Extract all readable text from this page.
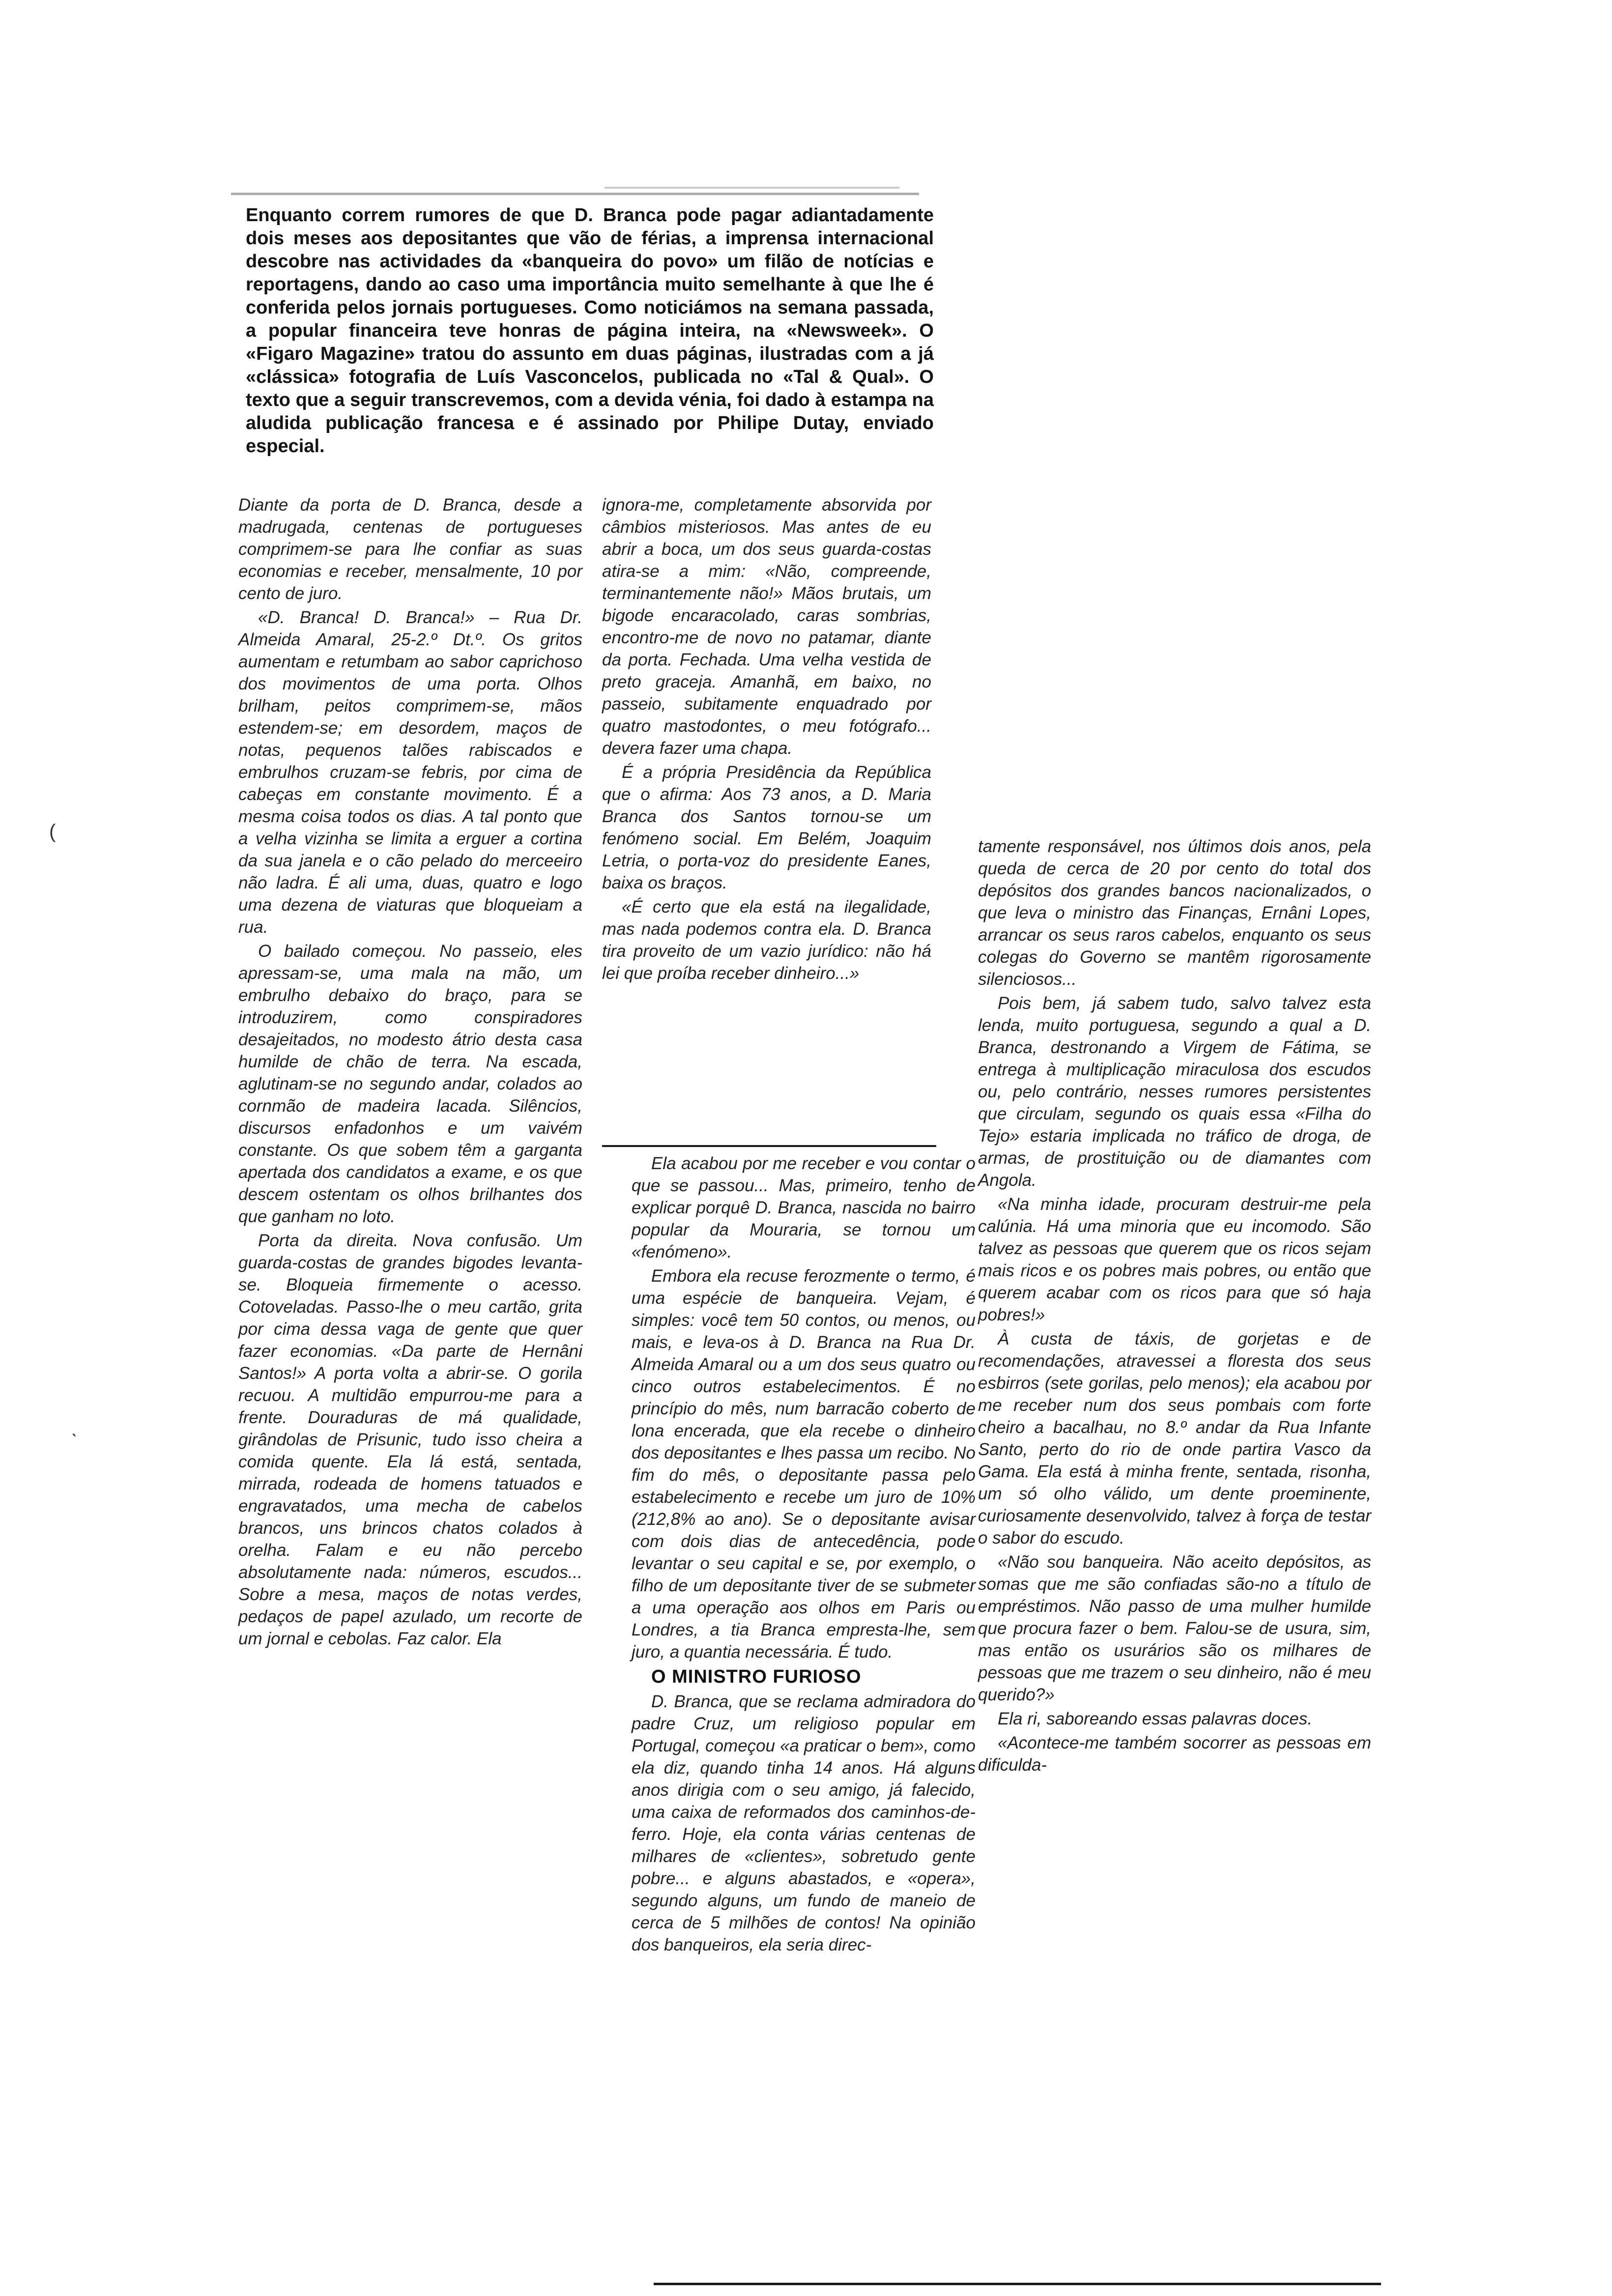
(
ˎ

Enquanto correm rumores de que D. Branca pode pagar adiantadamente dois meses aos depositantes que vão de férias, a imprensa internacional descobre nas actividades da «banqueira do povo» um filão de notícias e reportagens, dando ao caso uma importância muito semelhante à que lhe é conferida pelos jornais portugueses. Como noticiámos na semana passada, a popular financeira teve honras de página inteira, na «Newsweek». O «Figaro Magazine» tratou do assunto em duas páginas, ilustradas com a já «clássica» fotografia de Luís Vasconcelos, publicada no «Tal & Qual». O texto que a seguir transcrevemos, com a devida vénia, foi dado à estampa na aludida publicação francesa e é assinado por Philipe Dutay, enviado especial.

Diante da porta de D. Branca, desde a madrugada, centenas de portugueses comprimem-se para lhe confiar as suas economias e receber, mensalmente, 10 por cento de juro.

«D. Branca! D. Branca!» – Rua Dr. Almeida Amaral, 25-2.º Dt.º. Os gritos aumentam e retumbam ao sabor caprichoso dos movimentos de uma porta. Olhos brilham, peitos comprimem-se, mãos estendem-se; em desordem, maços de notas, pequenos talões rabiscados e embrulhos cruzam-se febris, por cima de cabeças em constante movimento. É a mesma coisa todos os dias. A tal ponto que a velha vizinha se limita a erguer a cortina da sua janela e o cão pelado do merceeiro não ladra. É ali uma, duas, quatro e logo uma dezena de viaturas que bloqueiam a rua.

O bailado começou. No passeio, eles apressam-se, uma mala na mão, um embrulho debaixo do braço, para se introduzirem, como conspiradores desajeitados, no modesto átrio desta casa humilde de chão de terra. Na escada, aglutinam-se no segundo andar, colados ao cornmão de madeira lacada. Silêncios, discursos enfadonhos e um vaivém constante. Os que sobem têm a garganta apertada dos candidatos a exame, e os que descem ostentam os olhos brilhantes dos que ganham no loto.

Porta da direita. Nova confusão. Um guarda-costas de grandes bigodes levanta-se. Bloqueia firmemente o acesso. Cotoveladas. Passo-lhe o meu cartão, grita por cima dessa vaga de gente que quer fazer economias. «Da parte de Hernâni Santos!» A porta volta a abrir-se. O gorila recuou. A multidão empurrou-me para a frente. Douraduras de má qualidade, girândolas de Prisunic, tudo isso cheira a comida quente. Ela lá está, sentada, mirrada, rodeada de homens tatuados e engravatados, uma mecha de cabelos brancos, uns brincos chatos colados à orelha. Falam e eu não percebo absolutamente nada: números, escudos... Sobre a mesa, maços de notas verdes, pedaços de papel azulado, um recorte de um jornal e cebolas. Faz calor. Ela

ignora-me, completamente absorvida por câmbios misteriosos. Mas antes de eu abrir a boca, um dos seus guarda-costas atira-se a mim: «Não, compreende, terminantemente não!» Mãos brutais, um bigode encaracolado, caras sombrias, encontro-me de novo no patamar, diante da porta. Fechada. Uma velha vestida de preto gracejа. Amanhã, em baixo, no passeio, subitamente enquadrado por quatro mastodontes, o meu fotógrafo... devera fazer uma chapa.

É a própria Presidência da República que o afirma: Aos 73 anos, a D. Maria Branca dos Santos tornou-se um fenómeno social. Em Belém, Joaquim Letria, o porta-voz do presidente Eanes, baixa os braços.

«É certo que ela está na ilegalidade, mas nada podemos contra ela. D. Branca tira proveito de um vazio jurídico: não há lei que proíba receber dinheiro...»

Ela acabou por me receber e vou contar o que se passou... Mas, primeiro, tenho de explicar porquê D. Branca, nascida no bairro popular da Mouraria, se tornou um «fenómeno».

Embora ela recuse ferozmente o termo, é uma espécie de banqueira. Vejam, é simples: você tem 50 contos, ou menos, ou mais, e leva-os à D. Branca na Rua Dr. Almeida Amaral ou a um dos seus quatro ou cinco outros estabelecimentos. É no princípio do mês, num barracão coberto de lona encerada, que ela recebe o dinheiro dos depositantes e lhes passa um recibo. No fim do mês, o depositante passa pelo estabelecimento e recebe um juro de 10% (212,8% ao ano). Se o depositante avisar com dois dias de antecedência, pode levantar o seu capital e se, por exemplo, o filho de um depositante tiver de se submeter a uma operação aos olhos em Paris ou Londres, a tia Branca empresta-lhe, sem juro, a quantia necessária. É tudo.

O MINISTRO FURIOSO

D. Branca, que se reclama admiradora do padre Cruz, um religioso popular em Portugal, começou «a praticar o bem», como ela diz, quando tinha 14 anos. Há alguns anos dirigia com o seu amigo, já falecido, uma caixa de reformados dos caminhos-de-ferro. Hoje, ela conta várias centenas de milhares de «clientes», sobretudo gente pobre... e alguns abastados, e «opera», segundo alguns, um fundo de maneio de cerca de 5 milhões de contos! Na opinião dos banqueiros, ela seria direc-

tamente responsável, nos últimos dois anos, pela queda de cerca de 20 por cento do total dos depósitos dos grandes bancos nacionalizados, o que leva o ministro das Finanças, Ernâni Lopes, arrancar os seus raros cabelos, enquanto os seus colegas do Governo se mantêm rigorosamente silenciosos...

Pois bem, já sabem tudo, salvo talvez esta lenda, muito portuguesa, segundo a qual a D. Branca, destronando a Virgem de Fátima, se entrega à multiplicação miraculosa dos escudos ou, pelo contrário, nesses rumores persistentes que circulam, segundo os quais essa «Filha do Tejo» estaria implicada no tráfico de droga, de armas, de prostituição ou de diamantes com Angola.

«Na minha idade, procuram destruir-me pela calúnia. Há uma minoria que eu incomodo. São talvez as pessoas que querem que os ricos sejam mais ricos e os pobres mais pobres, ou então que querem acabar com os ricos para que só haja pobres!»

À custa de táxis, de gorjetas e de recomendações, atravessei a floresta dos seus esbirros (sete gorilas, pelo menos); ela acabou por me receber num dos seus pombais com forte cheiro a bacalhau, no 8.º andar da Rua Infante Santo, perto do rio de onde partira Vasco da Gama. Ela está à minha frente, sentada, risonha, um só olho válido, um dente proeminente, curiosamente desenvolvido, talvez à força de testar o sabor do escudo.

«Não sou banqueira. Não aceito depósitos, as somas que me são confiadas são-no a título de empréstimos. Não passo de uma mulher humilde que procura fazer o bem. Falou-se de usura, sim, mas então os usurários são os milhares de pessoas que me trazem o seu dinheiro, não é meu querido?»

Ela ri, saboreando essas palavras doces.

«Acontece-me também socorrer as pessoas em dificulda-
